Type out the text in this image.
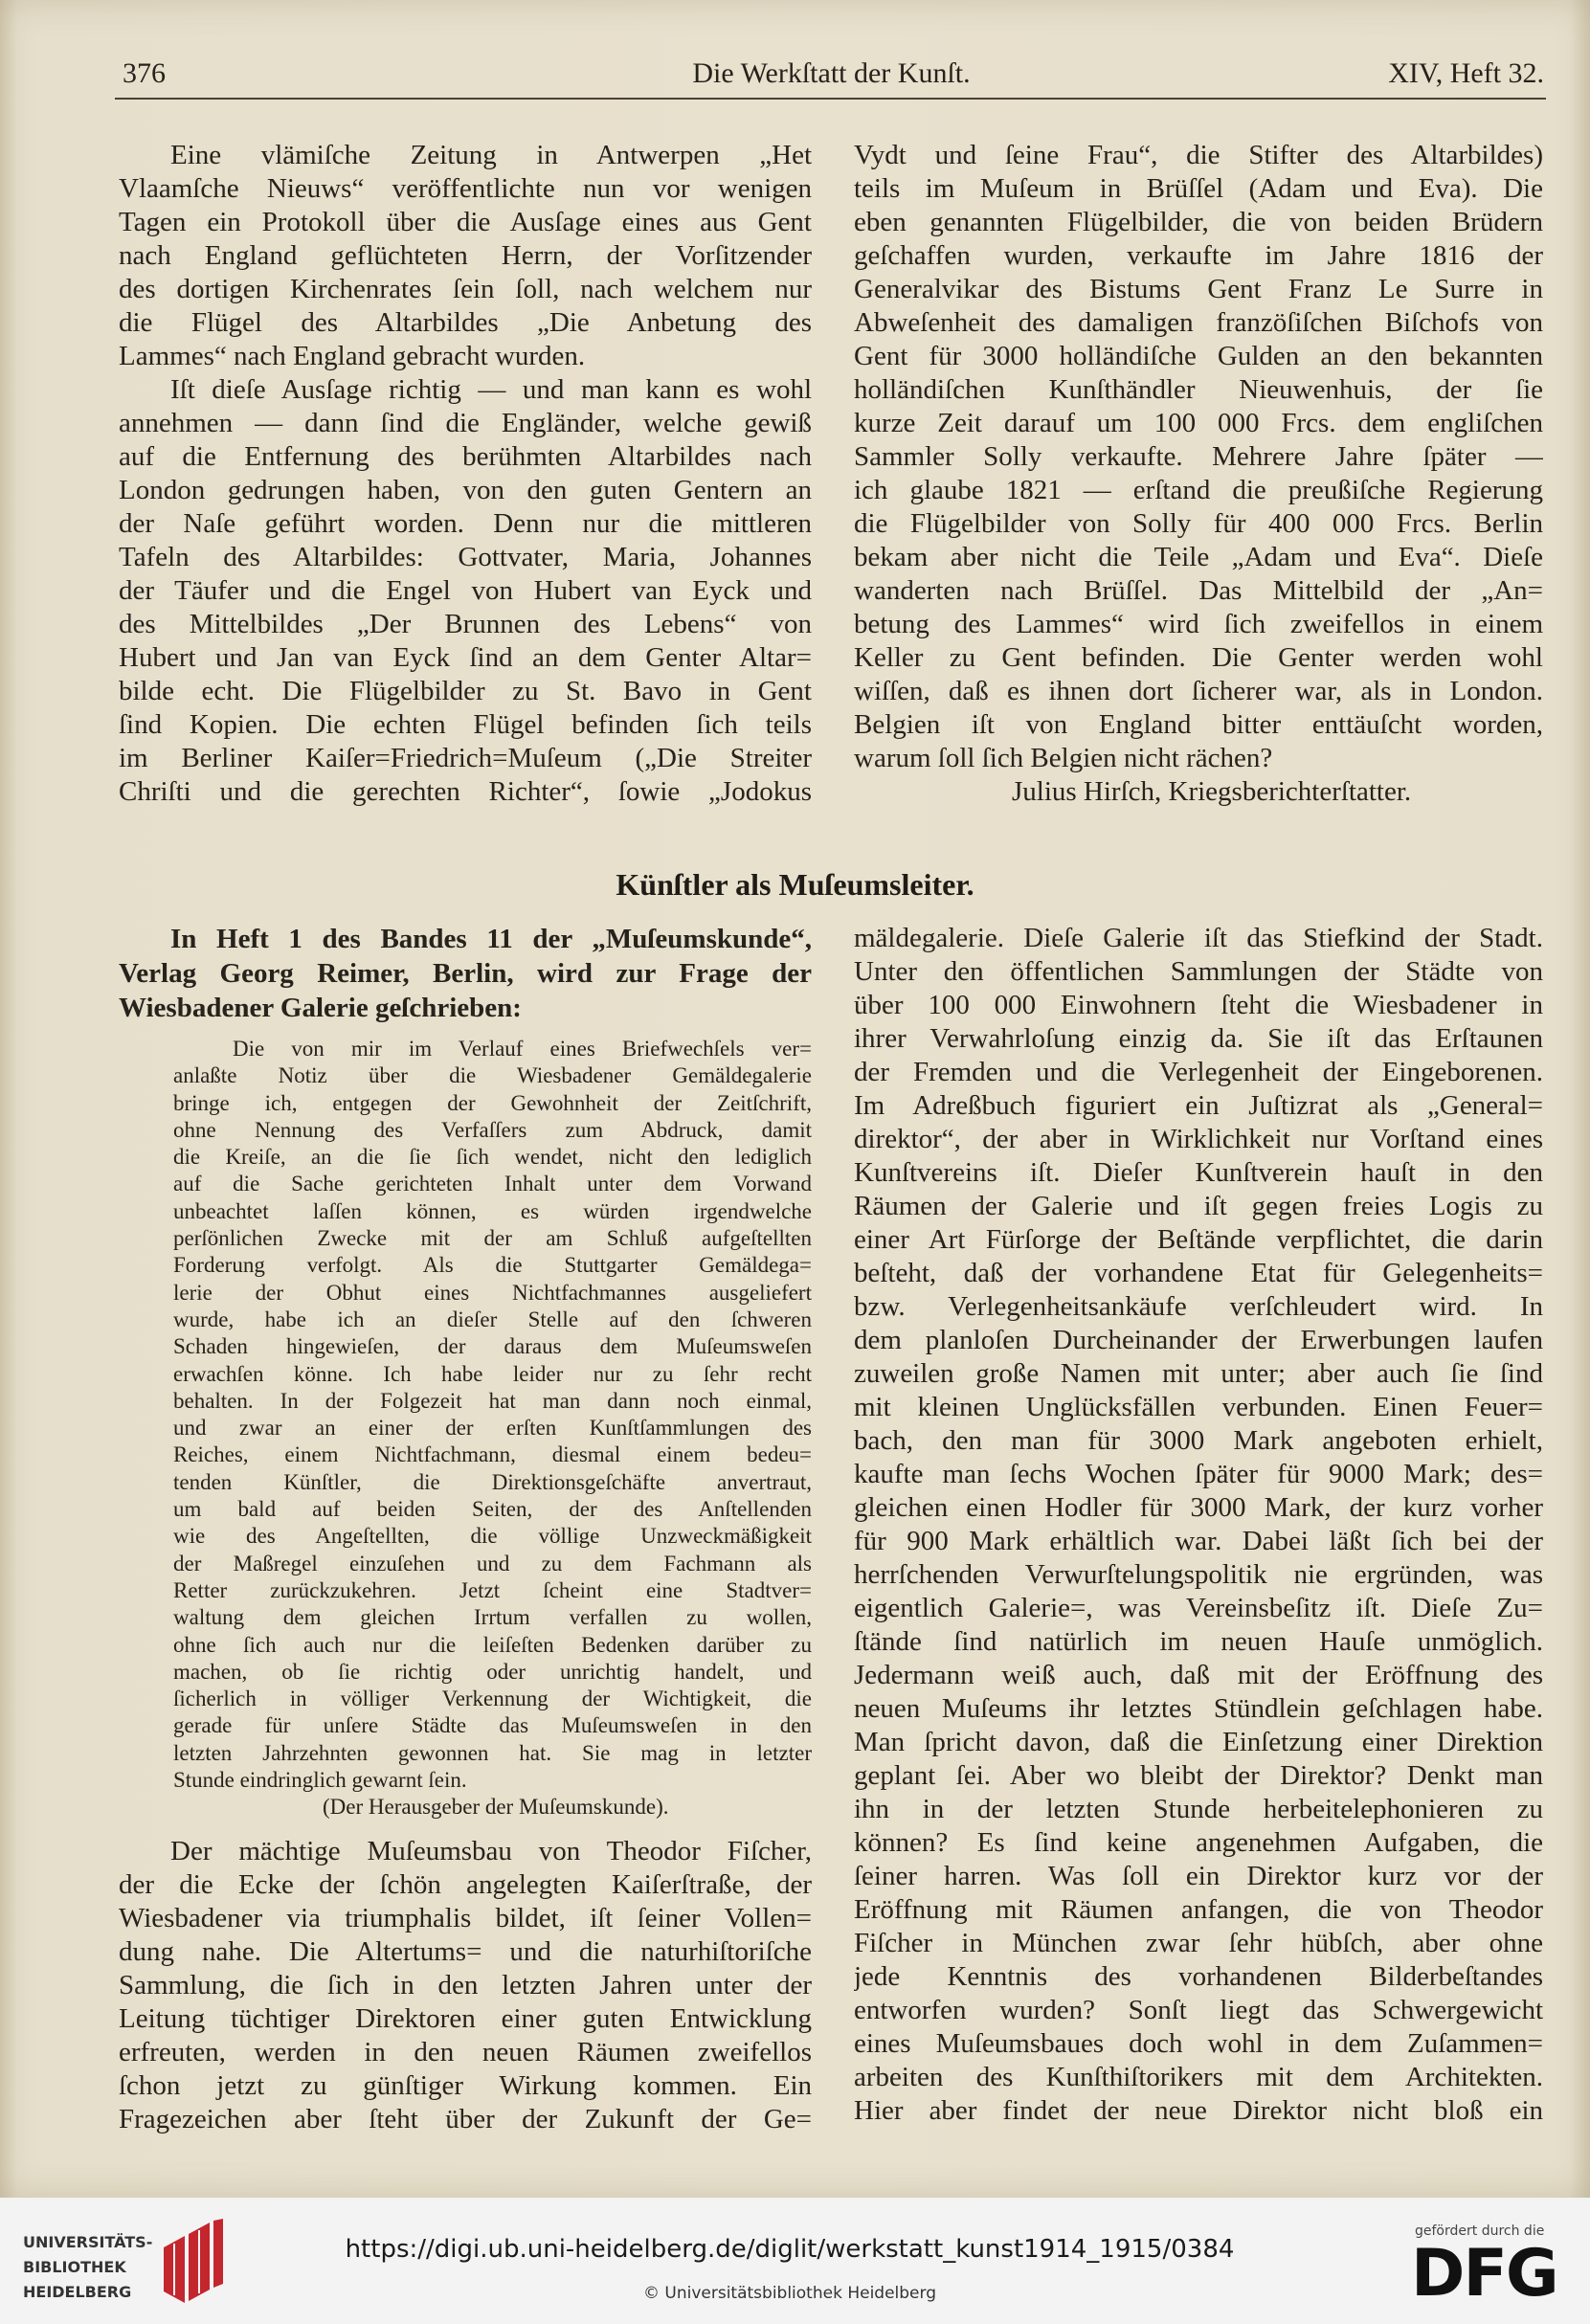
376	Die Werkſtatt der Kunſt.	XIV, Heft 32.
Eine vlämiſche Zeitung in Antwerpen „Het
Vlaamſche Nieuws“ veröffentlichte nun vor wenigen
Tagen ein Protokoll über die Ausſage eines aus Gent
nach England geflüchteten Herrn, der Vorſitzender
des dortigen Kirchenrates ſein ſoll, nach welchem nur
die Flügel des Altarbildes „Die Anbetung des
Lammes“ nach England gebracht wurden.
Iſt dieſe Ausſage richtig — und man kann es wohl
annehmen — dann ſind die Engländer, welche gewiß
auf die Entfernung des berühmten Altarbildes nach
London gedrungen haben, von den guten Gentern an
der Naſe geführt worden. Denn nur die mittleren
Tafeln des Altarbildes: Gottvater, Maria, Johannes
der Täufer und die Engel von Hubert van Eyck und
des Mittelbildes „Der Brunnen des Lebens“ von
Hubert und Jan van Eyck ſind an dem Genter Altar=
bilde echt. Die Flügelbilder zu St. Bavo in Gent
ſind Kopien. Die echten Flügel befinden ſich teils
im Berliner Kaiſer=Friedrich=Muſeum („Die Streiter
Chriſti und die gerechten Richter“, ſowie „Jodokus
Vydt und ſeine Frau“, die Stifter des Altarbildes)
teils im Muſeum in Brüſſel (Adam und Eva). Die
eben genannten Flügelbilder, die von beiden Brüdern
geſchaffen wurden, verkaufte im Jahre 1816 der
Generalvikar des Bistums Gent Franz Le Surre in
Abweſenheit des damaligen franzöſiſchen Biſchofs von
Gent für 3000 holländiſche Gulden an den bekannten
holländiſchen Kunſthändler Nieuwenhuis, der ſie
kurze Zeit darauf um 100 000 Frcs. dem engliſchen
Sammler Solly verkaufte. Mehrere Jahre ſpäter —
ich glaube 1821 — erſtand die preußiſche Regierung
die Flügelbilder von Solly für 400 000 Frcs. Berlin
bekam aber nicht die Teile „Adam und Eva“. Dieſe
wanderten nach Brüſſel. Das Mittelbild der „An=
betung des Lammes“ wird ſich zweifellos in einem
Keller zu Gent befinden. Die Genter werden wohl
wiſſen, daß es ihnen dort ſicherer war, als in London.
Belgien iſt von England bitter enttäuſcht worden,
warum ſoll ſich Belgien nicht rächen?
Julius Hirſch, Kriegsberichterſtatter.
Künſtler als Muſeumsleiter.
In Heft 1 des Bandes 11 der „Muſeumskunde“,
Verlag Georg Reimer, Berlin, wird zur Frage der
Wiesbadener Galerie geſchrieben:
Die von mir im Verlauf eines Briefwechſels ver=
anlaßte Notiz über die Wiesbadener Gemäldegalerie
bringe ich, entgegen der Gewohnheit der Zeitſchrift,
ohne Nennung des Verfaſſers zum Abdruck, damit
die Kreiſe, an die ſie ſich wendet, nicht den lediglich
auf die Sache gerichteten Inhalt unter dem Vorwand
unbeachtet laſſen können, es würden irgendwelche
perſönlichen Zwecke mit der am Schluß aufgeſtellten
Forderung verfolgt. Als die Stuttgarter Gemäldega=
lerie der Obhut eines Nichtfachmannes ausgeliefert
wurde, habe ich an dieſer Stelle auf den ſchweren
Schaden hingewieſen, der daraus dem Muſeumsweſen
erwachſen könne. Ich habe leider nur zu ſehr recht
behalten. In der Folgezeit hat man dann noch einmal,
und zwar an einer der erſten Kunſtſammlungen des
Reiches, einem Nichtfachmann, diesmal einem bedeu=
tenden Künſtler, die Direktionsgeſchäfte anvertraut,
um bald auf beiden Seiten, der des Anſtellenden
wie des Angeſtellten, die völlige Unzweckmäßigkeit
der Maßregel einzuſehen und zu dem Fachmann als
Retter zurückzukehren. Jetzt ſcheint eine Stadtver=
waltung dem gleichen Irrtum verfallen zu wollen,
ohne ſich auch nur die leiſeſten Bedenken darüber zu
machen, ob ſie richtig oder unrichtig handelt, und
ſicherlich in völliger Verkennung der Wichtigkeit, die
gerade für unſere Städte das Muſeumsweſen in den
letzten Jahrzehnten gewonnen hat. Sie mag in letzter
Stunde eindringlich gewarnt ſein.
(Der Herausgeber der Muſeumskunde).
Der mächtige Muſeumsbau von Theodor Fiſcher,
der die Ecke der ſchön angelegten Kaiſerſtraße, der
Wiesbadener via triumphalis bildet, iſt ſeiner Vollen=
dung nahe. Die Altertums= und die naturhiſtoriſche
Sammlung, die ſich in den letzten Jahren unter der
Leitung tüchtiger Direktoren einer guten Entwicklung
erfreuten, werden in den neuen Räumen zweifellos
ſchon jetzt zu günſtiger Wirkung kommen. Ein
Fragezeichen aber ſteht über der Zukunft der Ge=
mäldegalerie. Dieſe Galerie iſt das Stiefkind der Stadt.
Unter den öffentlichen Sammlungen der Städte von
über 100 000 Einwohnern ſteht die Wiesbadener in
ihrer Verwahrloſung einzig da. Sie iſt das Erſtaunen
der Fremden und die Verlegenheit der Eingeborenen.
Im Adreßbuch figuriert ein Juſtizrat als „General=
direktor“, der aber in Wirklichkeit nur Vorſtand eines
Kunſtvereins iſt. Dieſer Kunſtverein hauſt in den
Räumen der Galerie und iſt gegen freies Logis zu
einer Art Fürſorge der Beſtände verpflichtet, die darin
beſteht, daß der vorhandene Etat für Gelegenheits=
bzw. Verlegenheitsankäufe verſchleudert wird. In
dem planloſen Durcheinander der Erwerbungen laufen
zuweilen große Namen mit unter; aber auch ſie ſind
mit kleinen Unglücksfällen verbunden. Einen Feuer=
bach, den man für 3000 Mark angeboten erhielt,
kaufte man ſechs Wochen ſpäter für 9000 Mark; des=
gleichen einen Hodler für 3000 Mark, der kurz vorher
für 900 Mark erhältlich war. Dabei läßt ſich bei der
herrſchenden Verwurſtelungspolitik nie ergründen, was
eigentlich Galerie=, was Vereinsbeſitz iſt. Dieſe Zu=
ſtände ſind natürlich im neuen Hauſe unmöglich.
Jedermann weiß auch, daß mit der Eröffnung des
neuen Muſeums ihr letztes Stündlein geſchlagen habe.
Man ſpricht davon, daß die Einſetzung einer Direktion
geplant ſei. Aber wo bleibt der Direktor? Denkt man
ihn in der letzten Stunde herbeitelephonieren zu
können? Es ſind keine angenehmen Aufgaben, die
ſeiner harren. Was ſoll ein Direktor kurz vor der
Eröffnung mit Räumen anfangen, die von Theodor
Fiſcher in München zwar ſehr hübſch, aber ohne
jede Kenntnis des vorhandenen Bilderbeſtandes
entworfen wurden? Sonſt liegt das Schwergewicht
eines Muſeumsbaues doch wohl in dem Zuſammen=
arbeiten des Kunſthiſtorikers mit dem Architekten.
Hier aber findet der neue Direktor nicht bloß ein
UNIVERSITÄTS-
BIBLIOTHEK
HEIDELBERG
https://digi.ub.uni-heidelberg.de/diglit/werkstatt_kunst1914_1915/0384
© Universitätsbibliothek Heidelberg
gefördert durch die
DFG
